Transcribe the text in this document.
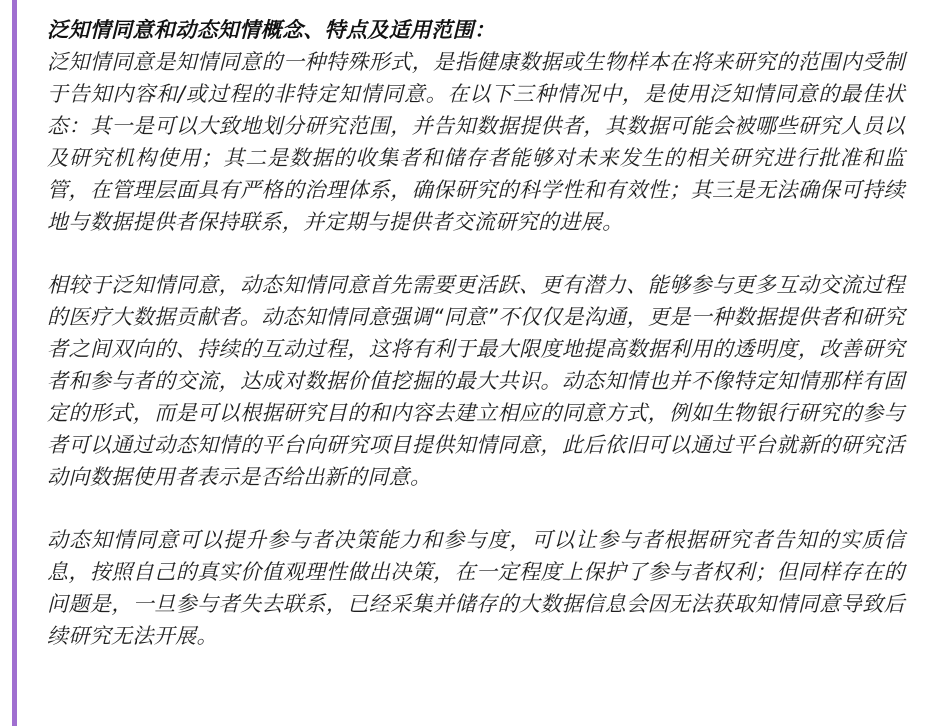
泛知情同意和动态知情概念、特点及适用范围：

泛知情同意是知情同意的一种特殊形式，是指健康数据或生物样本在将来研究的范围内受制于告知内容和/或过程的非特定知情同意。在以下三种情况中，是使用泛知情同意的最佳状态：其一是可以大致地划分研究范围，并告知数据提供者，其数据可能会被哪些研究人员以及研究机构使用；其二是数据的收集者和储存者能够对未来发生的相关研究进行批准和监管，在管理层面具有严格的治理体系，确保研究的科学性和有效性；其三是无法确保可持续地与数据提供者保持联系，并定期与提供者交流研究的进展。

相较于泛知情同意，动态知情同意首先需要更活跃、更有潜力、能够参与更多互动交流过程的医疗大数据贡献者。动态知情同意强调“同意”不仅仅是沟通，更是一种数据提供者和研究者之间双向的、持续的互动过程，这将有利于最大限度地提高数据利用的透明度，改善研究者和参与者的交流，达成对数据价值挖掘的最大共识。动态知情也并不像特定知情那样有固定的形式，而是可以根据研究目的和内容去建立相应的同意方式，例如生物银行研究的参与者可以通过动态知情的平台向研究项目提供知情同意，此后依旧可以通过平台就新的研究活动向数据使用者表示是否给出新的同意。

动态知情同意可以提升参与者决策能力和参与度，可以让参与者根据研究者告知的实质信息，按照自己的真实价值观理性做出决策，在一定程度上保护了参与者权利；但同样存在的问题是，一旦参与者失去联系，已经采集并储存的大数据信息会因无法获取知情同意导致后续研究无法开展。
